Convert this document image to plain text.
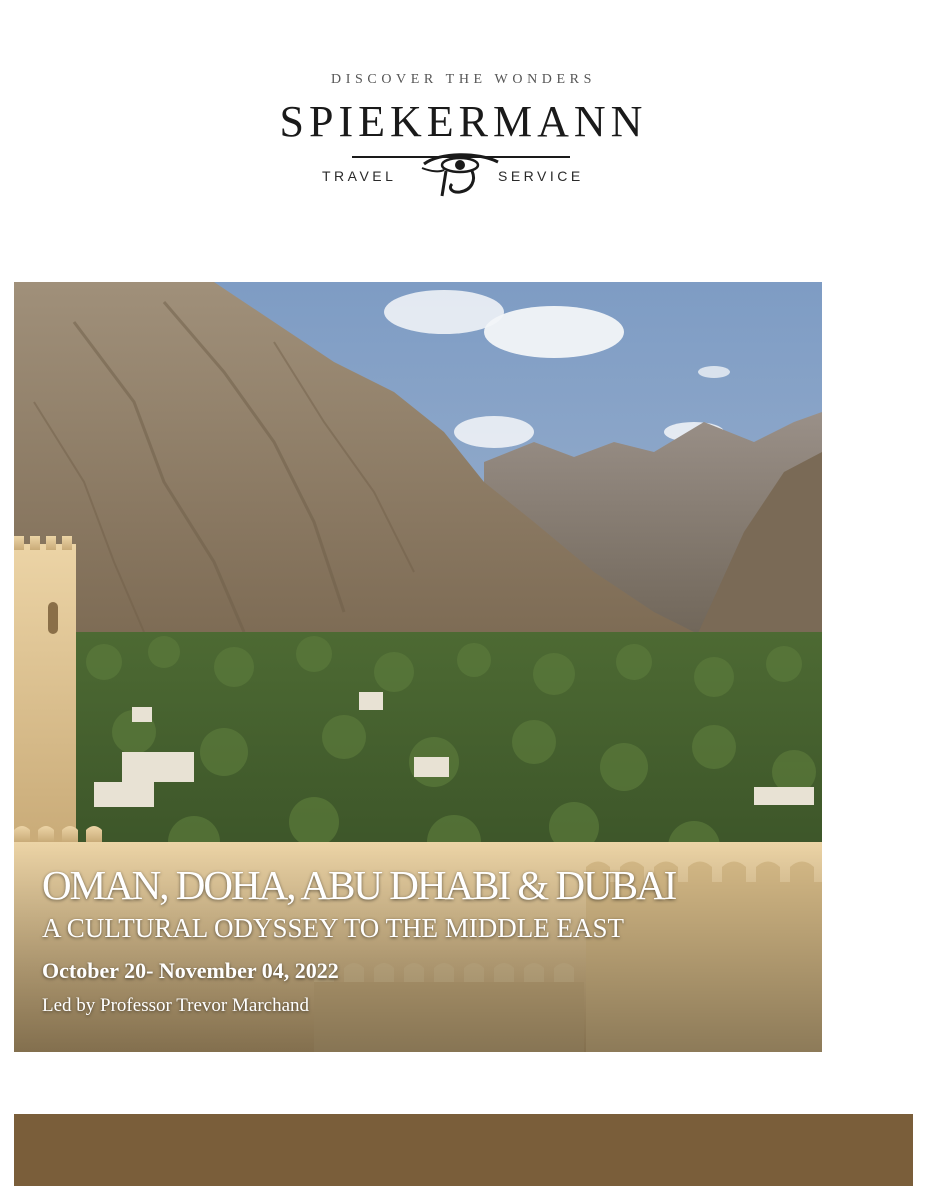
DISCOVER THE WONDERS
SPIEKERMANN
TRAVEL	SERVICE
OMAN, DOHA, ABU DHABI & DUBAI
A CULTURAL ODYSSEY TO THE MIDDLE EAST
October 20- November 04, 2022
Led by Professor Trevor Marchand
